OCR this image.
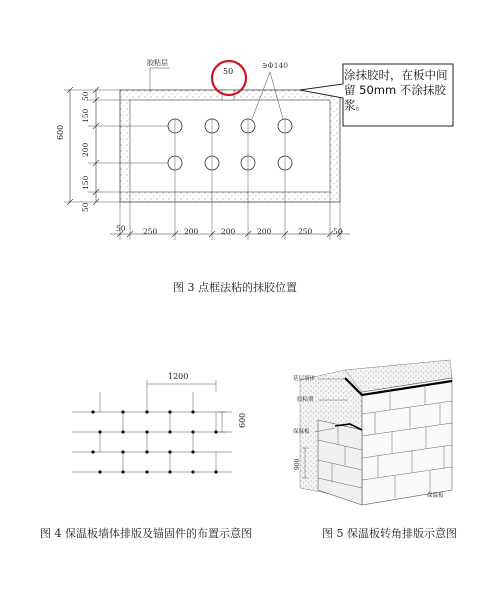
胶粘层
50
∋Φ140
600
50
150
200
150
50
50 250	200	200	200	250	50
涂抹胶时，在板中间留 50mm 不涂抹胶浆。
图 3 点框法粘的抹胶位置
1200
600
图 4 保温板墙体排版及锚固件的布置示意图
基层墙体
胶粘剂
保温板
保温板
900
图 5 保温板转角排版示意图
